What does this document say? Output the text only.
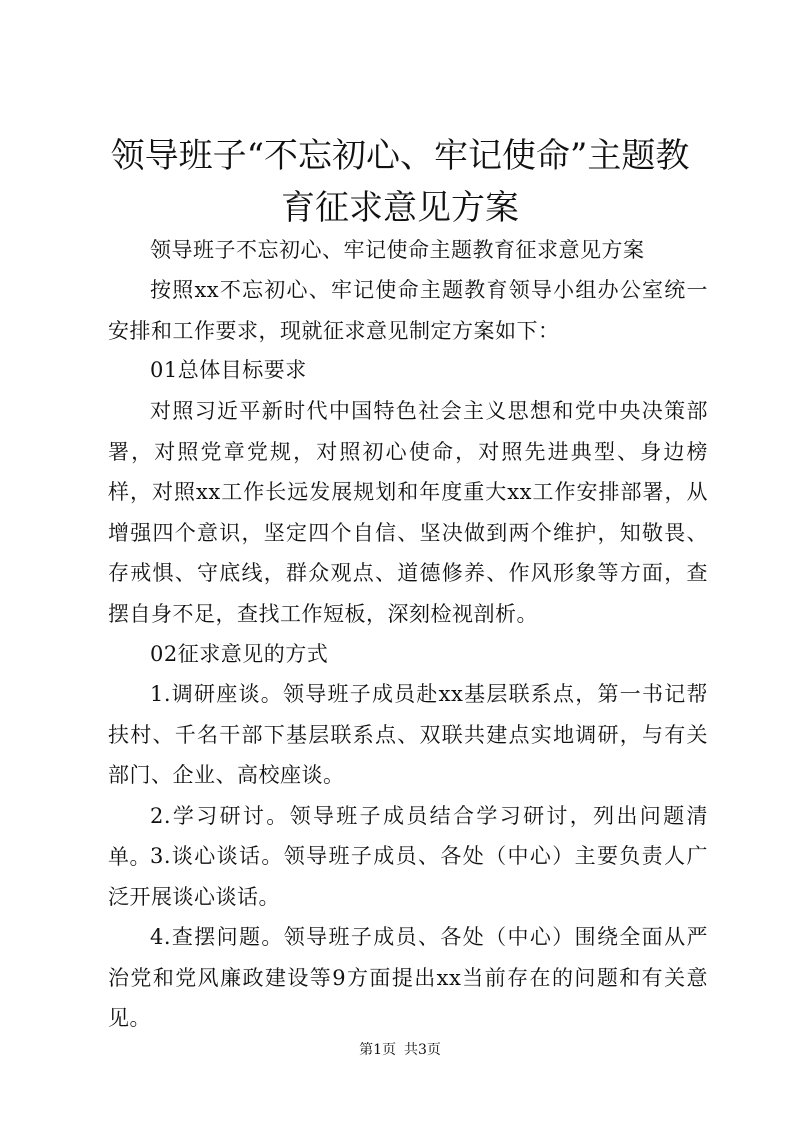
领导班子“不忘初心、牢记使命”主题教育征求意见方案

领导班子不忘初心、牢记使命主题教育征求意见方案

按照xx不忘初心、牢记使命主题教育领导小组办公室统一安排和工作要求，现就征求意见制定方案如下：

01总体目标要求

对照习近平新时代中国特色社会主义思想和党中央决策部署，对照党章党规，对照初心使命，对照先进典型、身边榜样，对照xx工作长远发展规划和年度重大xx工作安排部署，从增强四个意识，坚定四个自信、坚决做到两个维护，知敬畏、存戒惧、守底线，群众观点、道德修养、作风形象等方面，查摆自身不足，查找工作短板，深刻检视剖析。

02征求意见的方式

1.调研座谈。领导班子成员赴xx基层联系点，第一书记帮扶村、千名干部下基层联系点、双联共建点实地调研，与有关部门、企业、高校座谈。

2.学习研讨。领导班子成员结合学习研讨，列出问题清单。 3.谈心谈话。领导班子成员、各处（中心）主要负责人广泛开展谈心谈话。

4.查摆问题。领导班子成员、各处（中心）围绕全面从严治党和党风廉政建设等9方面提出xx当前存在的问题和有关意见。

第1页 共3页
